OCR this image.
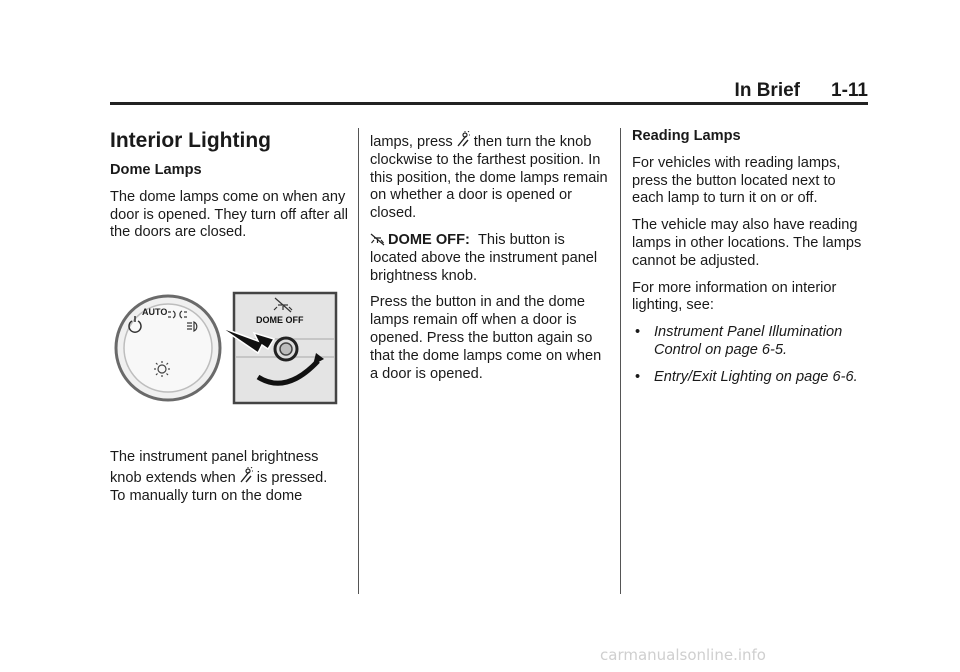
In Brief 1-11
Interior Lighting

Dome Lamps

The dome lamps come on when any door is opened. They turn off after all the doors are closed.

AUTO
DOME OFF

The instrument panel brightness knob extends when is pressed.

To manually turn on the dome

lamps, press then turn the knob clockwise to the farthest position. In this position, the dome lamps remain on whether a door is opened or closed.

DOME OFF: This button is located above the instrument panel brightness knob.

Press the button in and the dome lamps remain off when a door is opened. Press the button again so that the dome lamps come on when a door is opened.

Reading Lamps

For vehicles with reading lamps, press the button located next to each lamp to turn it on or off.

The vehicle may also have reading lamps in other locations. The lamps cannot be adjusted.

For more information on interior lighting, see:

• Instrument Panel Illumination Control on page 6-5.
• Entry/Exit Lighting on page 6-6.
carmanualsonline.info
